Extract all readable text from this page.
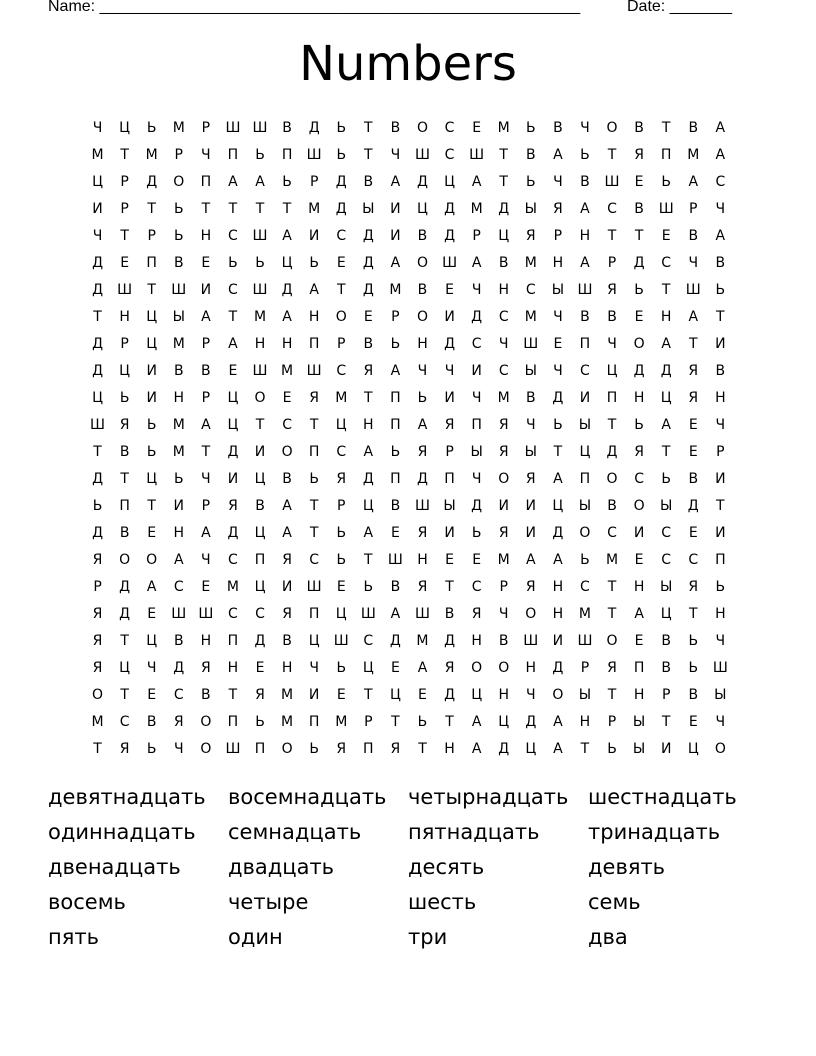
Name: ______________________________________________________	Date: _______
Numbers
Ч	Ц	Ь	М	Р	Ш Ш	В	Д	Ь	Т	В	О	С	Е	М	Ь	В	Ч	О	В	Т	В	А
М	Т	М	Р	Ч	П	Ь	П	Ш	Ь	Т	Ч	Ш	С	Ш	Т	В	А	Ь	Т	Я	П	М	А
Ц	Р	Д	О	П	А	А	Ь	Р	Д	В	А	Д	Ц	А	Т	Ь	Ч	В	Ш	Е	Ь	А	С
И	Р	Т	Ь	Т	Т	Т	Т	М	Д	Ы	И	Ц	Д	М	Д	Ы	Я	А	С	В	Ш	Р	Ч
Ч	Т	Р	Ь	Н	С	Ш	А	И	С	Д	И	В	Д	Р	Ц	Я	Р	Н	Т	Т	Е	В	А
Д	Е	П	В	Е	Ь	Ь	Ц	Ь	Е	Д	А	О	Ш	А	В	М	Н	А	Р	Д	С	Ч	В
Д	Ш	Т	Ш	И	С	Ш	Д	А	Т	Д	М	В	Е	Ч	Н	С	Ы Ш	Я	Ь	Т	Ш	Ь
Т	Н	Ц	Ы	А	Т	М	А	Н	О	Е	Р	О	И	Д	С	М	Ч	В	В	Е	Н	А	Т
Д	Р	Ц	М	Р	А	Н	Н	П	Р	В	Ь	Н	Д	С	Ч	Ш	Е	П	Ч	О	А	Т	И
Д	Ц	И	В	В	Е	Ш М Ш	С	Я	А	Ч	Ч	И	С	Ы	Ч	С	Ц	Д	Д	Я	В
Ц	Ь	И	Н	Р	Ц	О	Е	Я	М	Т	П	Ь	И	Ч	М	В	Д	И	П	Н	Ц	Я	Н
Ш	Я	Ь	М	А	Ц	Т	С	Т	Ц	Н	П	А	Я	П	Я	Ч	Ь	Ы	Т	Ь	А	Е	Ч
Т	В	Ь	М	Т	Д	И	О	П	С	А	Ь	Я	Р	Ы	Я	Ы	Т	Ц	Д	Я	Т	Е	Р
Д	Т	Ц	Ь	Ч	И	Ц	В	Ь	Я	Д	П	Д	П	Ч	О	Я	А	П	О	С	Ь	В	И
Ь	П	Т	И	Р	Я	В	А	Т	Р	Ц	В	Ш Ы	Д	И	И	Ц	Ы	В	О	Ы	Д	Т
Д	В	Е	Н	А	Д	Ц	А	Т	Ь	А	Е	Я	И	Ь	Я	И	Д	О	С	И	С	Е	И
Я	О	О	А	Ч	С	П	Я	С	Ь	Т	Ш	Н	Е	Е	М	А	А	Ь	М	Е	С	С	П
Р	Д	А	С	Е	М	Ц	И	Ш	Е	Ь	В	Я	Т	С	Р	Я	Н	С	Т	Н	Ы	Я	Ь
Я	Д	Е	Ш Ш	С	С	Я	П	Ц	Ш	А	Ш	В	Я	Ч	О	Н	М	Т	А	Ц	Т	Н
Я	Т	Ц	В	Н	П	Д	В	Ц	Ш	С	Д	М	Д	Н	В	Ш	И	Ш	О	Е	В	Ь	Ч
Я	Ц	Ч	Д	Я	Н	Е	Н	Ч	Ь	Ц	Е	А	Я	О	О	Н	Д	Р	Я	П	В	Ь	Ш
О	Т	Е	С	В	Т	Я	М	И	Е	Т	Ц	Е	Д	Ц	Н	Ч	О	Ы	Т	Н	Р	В	Ы
М	С	В	Я	О	П	Ь	М	П	М	Р	Т	Ь	Т	А	Ц	Д	А	Н	Р	Ы	Т	Е	Ч
Т	Я	Ь	Ч	О	Ш	П	О	Ь	Я	П	Я	Т	Н	А	Д	Ц	А	Т	Ь	Ы	И	Ц	О
девятнадцать	восемнадцать	четырнадцать шестнадцать
одиннадцать	семнадцать	пятнадцать	тринадцать
двенадцать	двадцать	десять	девять
восемь	четыре	шесть	семь
пять	один	три	два
